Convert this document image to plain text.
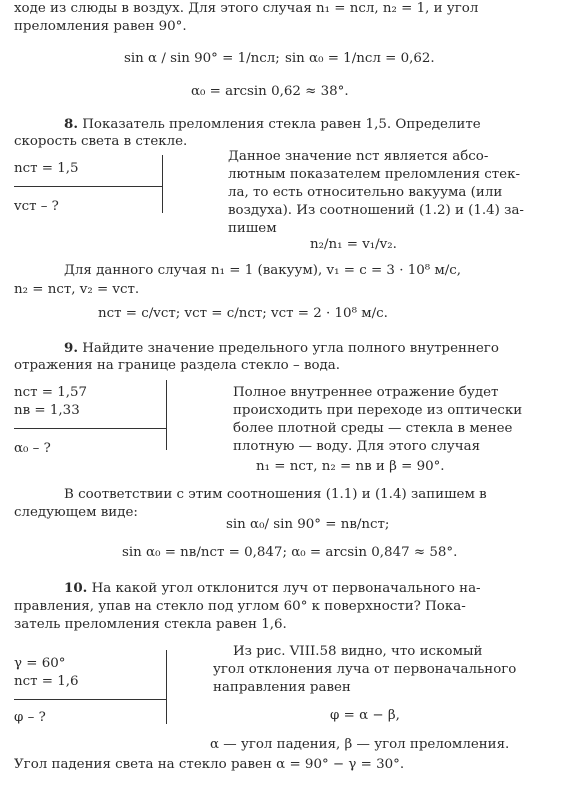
ходе из слюды в воздух. Для этого случая n₁ = nсл, n₂ = 1, и угол
преломления равен 90°.
sin α / sin 90° = 1/nсл; sin α₀ = 1/nсл = 0,62.
α₀ = arcsin 0,62 ≈ 38°.
8. Показатель преломления стекла равен 1,5. Определите
скорость света в стекле.
nст = 1,5
vст – ?
Данное значение nст является абсо-
лютным показателем преломления стек-
ла, то есть относительно вакуума (или
воздуха). Из соотношений (1.2) и (1.4) за-
пишем
n₂/n₁ = v₁/v₂.
Для данного случая n₁ = 1 (вакуум), v₁ = c = 3 · 10⁸ м/с,
n₂ = nст, v₂ = vст.
nст = c/vст; vст = c/nст; vст = 2 · 10⁸ м/с.
9. Найдите значение предельного угла полного внутреннего
отражения на границе раздела стекло – вода.
nст = 1,57
nв = 1,33
α₀ – ?
Полное внутреннее отражение будет
происходить при переходе из оптически
более плотной среды — стекла в менее
плотную — воду. Для этого случая
n₁ = nст, n₂ = nв и β = 90°.
В соответствии с этим соотношения (1.1) и (1.4) запишем в
следующем виде:
sin α₀/ sin 90° = nв/nст;
sin α₀ = nв/nст = 0,847; α₀ = arcsin 0,847 ≈ 58°.
10. На какой угол отклонится луч от первоначального на-
правления, упав на стекло под углом 60° к поверхности? Пока-
затель преломления стекла равен 1,6.
γ = 60°
nст = 1,6
φ – ?
Из рис. VIII.58 видно, что искомый
угол отклонения луча от первоначального
направления равен
φ = α − β,
α — угол падения, β — угол преломления.
Угол падения света на стекло равен α = 90° − γ = 30°.
